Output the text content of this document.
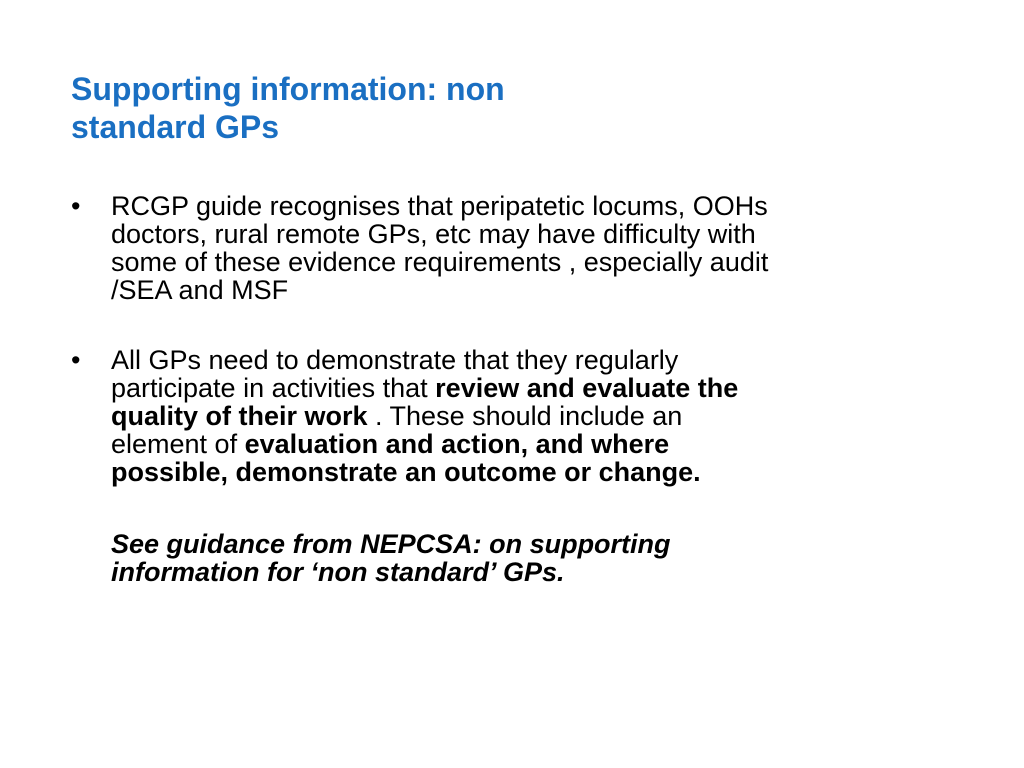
Supporting information: non
standard GPs
• RCGP guide recognises that peripatetic locums, OOHs
doctors, rural remote GPs, etc may have difficulty with
some of these evidence requirements , especially audit
/SEA and MSF
• All GPs need to demonstrate that they regularly
participate in activities that review and evaluate the
quality of their work . These should include an
element of evaluation and action, and where
possible, demonstrate an outcome or change.
See guidance from NEPCSA: on supporting
information for ‘non standard’ GPs.
